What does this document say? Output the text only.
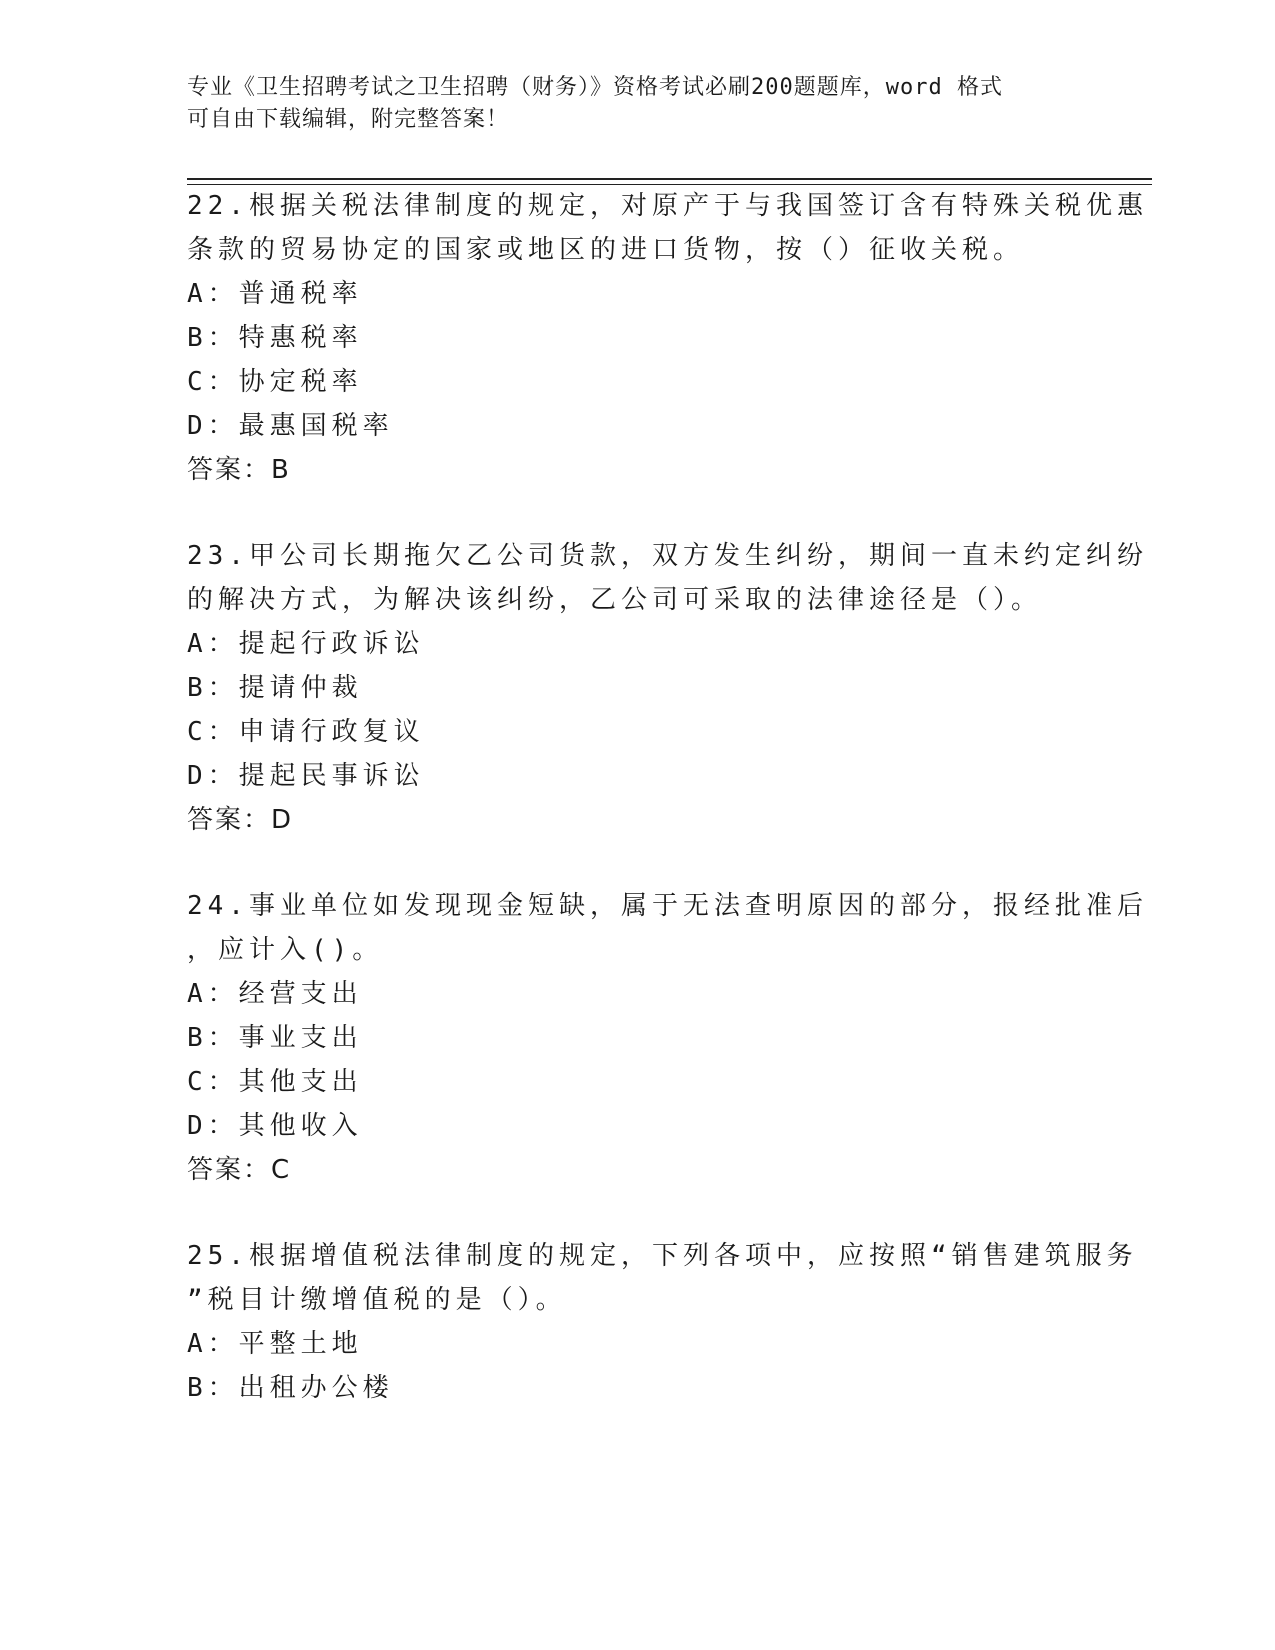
专业《卫生招聘考试之卫生招聘（财务）》资格考试必刷200题题库，word 格式
可自由下载编辑，附完整答案！
22.根据关税法律制度的规定，对原产于与我国签订含有特殊关税优惠
条款的贸易协定的国家或地区的进口货物，按（）征收关税。
A：普通税率
B：特惠税率
C：协定税率
D：最惠国税率
答案：B
23.甲公司长期拖欠乙公司货款，双方发生纠纷，期间一直未约定纠纷
的解决方式，为解决该纠纷，乙公司可采取的法律途径是（）。
A：提起行政诉讼
B：提请仲裁
C：申请行政复议
D：提起民事诉讼
答案：D
24.事业单位如发现现金短缺，属于无法查明原因的部分，报经批准后
，应计入()。
A：经营支出
B：事业支出
C：其他支出
D：其他收入
答案：C
25.根据增值税法律制度的规定，下列各项中，应按照“销售建筑服务
”税目计缴增值税的是（）。
A：平整土地
B：出租办公楼
